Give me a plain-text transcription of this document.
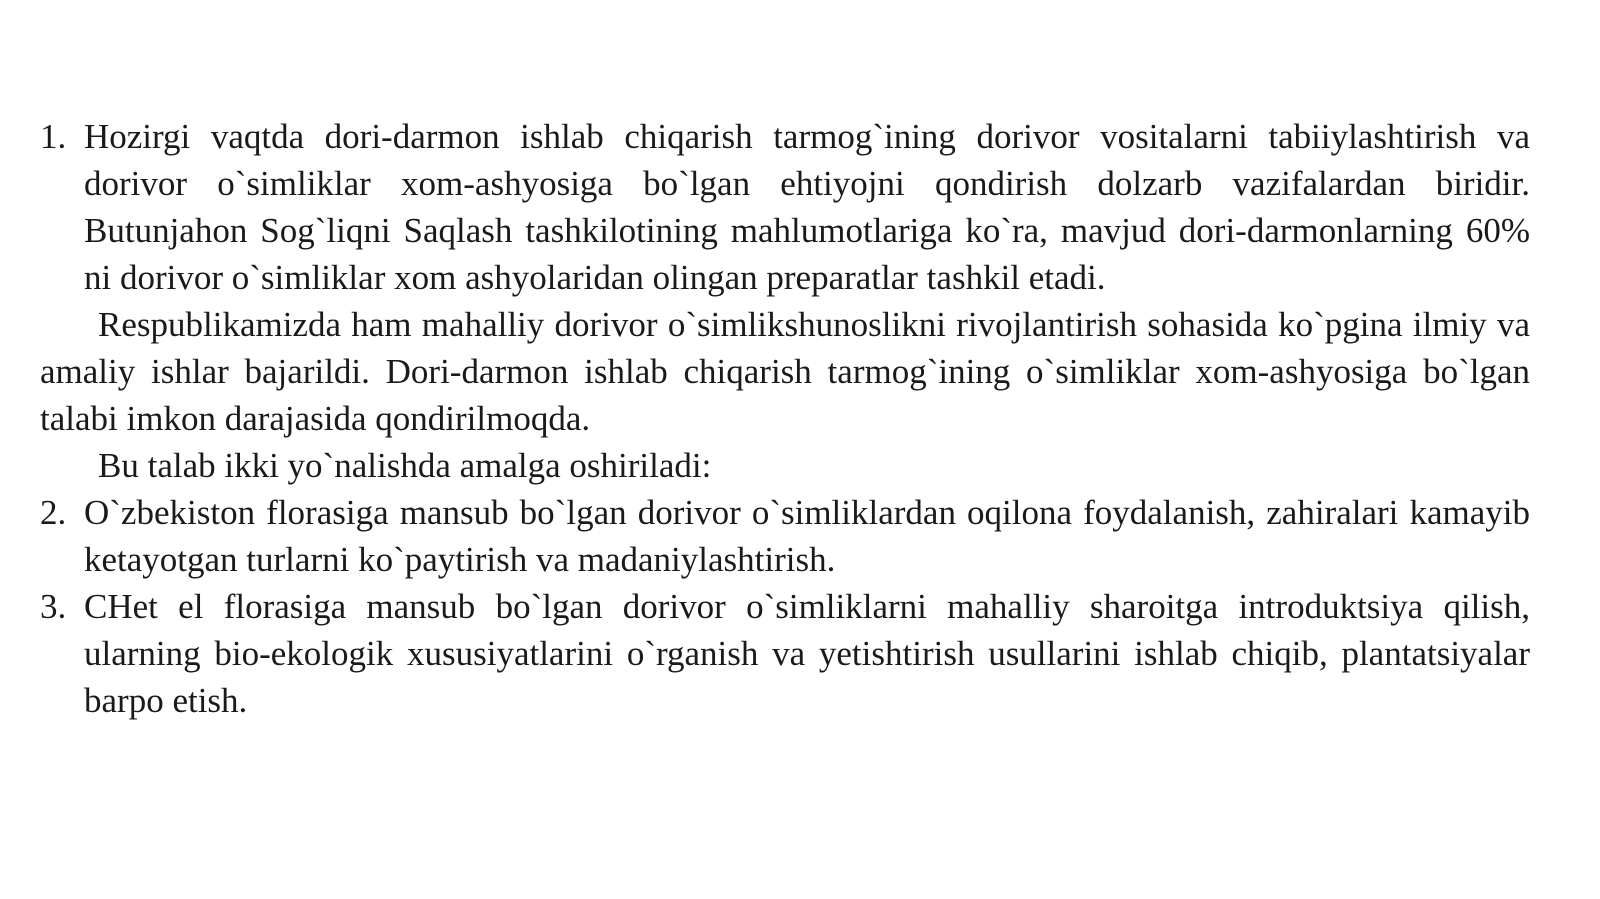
1. Hozirgi vaqtda dori-darmon ishlab chiqarish tarmog`ining dorivor vositalarni tabiiylashtirish va dorivor o`simliklar xom-ashyosiga bo`lgan ehtiyojni qondirish dolzarb vazifalardan biridir. Butunjahon Sog`liqni Saqlash tashkilotining mahlumotlariga ko`ra, mavjud dori-darmonlarning 60% ni dorivor o`simliklar xom ashyolaridan olingan preparatlar tashkil etadi.

Respublikamizda ham mahalliy dorivor o`simlikshunoslikni rivojlantirish sohasida ko`pgina ilmiy va amaliy ishlar bajarildi. Dori-darmon ishlab chiqarish tarmog`ining o`simliklar xom-ashyosiga bo`lgan talabi imkon darajasida qondirilmoqda.

Bu talab ikki yo`nalishda amalga oshiriladi:

2. O`zbekiston florasiga mansub bo`lgan dorivor o`simliklardan oqilona foydalanish, zahiralari kamayib ketayotgan turlarni ko`paytirish va madaniylashtirish.
3. CHet el florasiga mansub bo`lgan dorivor o`simliklarni mahalliy sharoitga introduktsiya qilish, ularning bio-ekologik xususiyatlarini o`rganish va yetishtirish usullarini ishlab chiqib, plantatsiyalar barpo etish.
